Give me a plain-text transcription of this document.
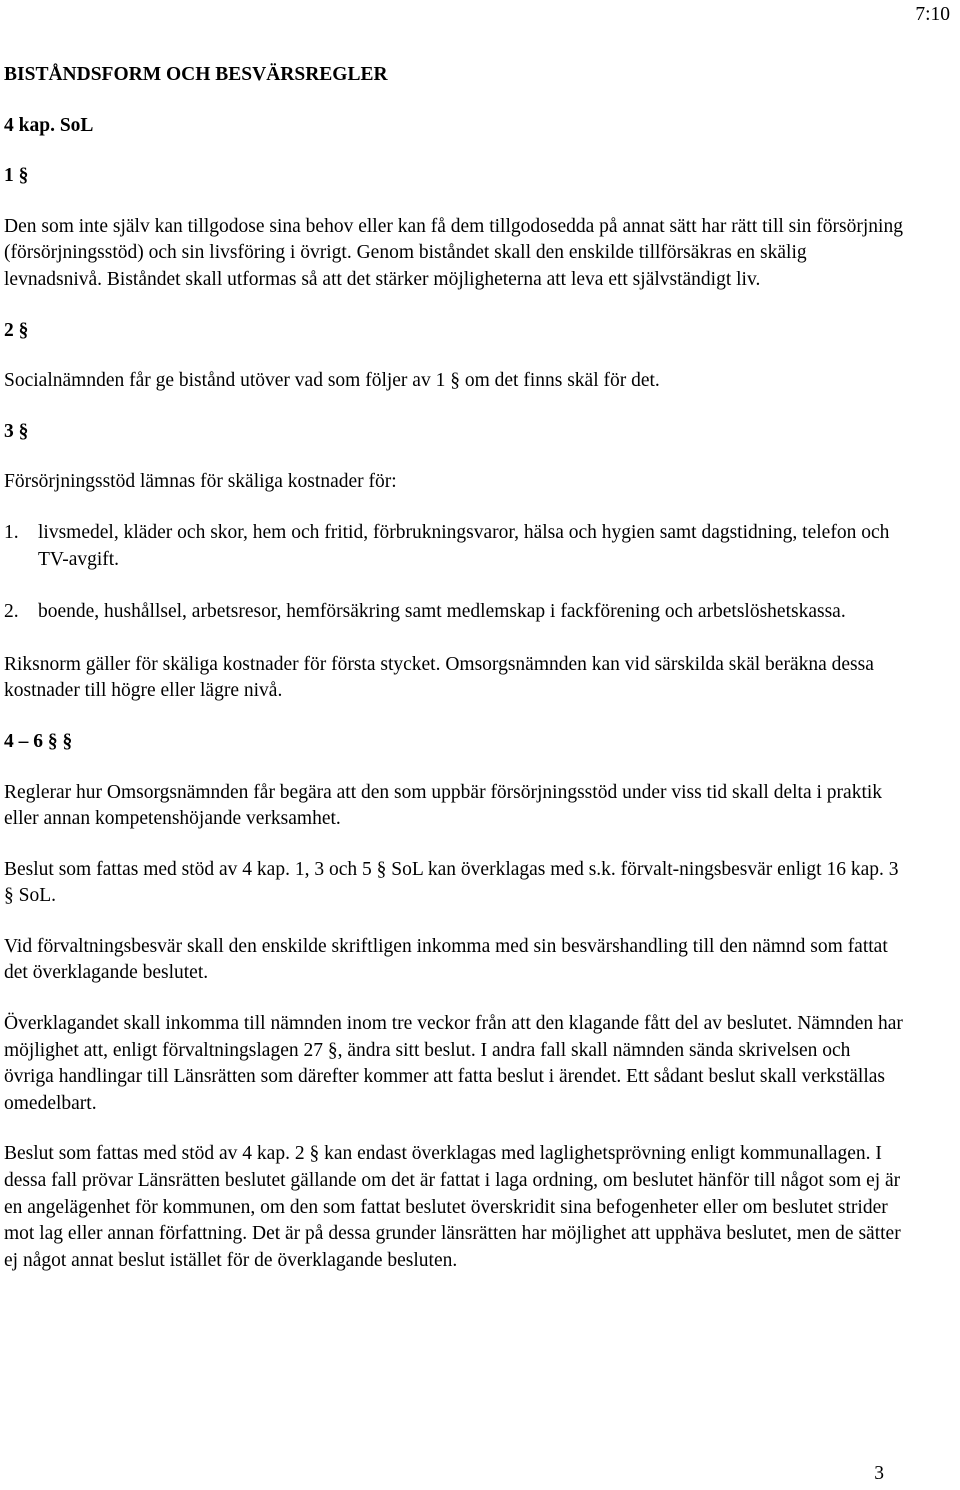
7:10

BISTÅNDSFORM OCH BESVÄRSREGLER

4 kap. SoL

1 §

Den som inte själv kan tillgodose sina behov eller kan få dem tillgodosedda på annat sätt har rätt till sin försörjning (försörjningsstöd) och sin livsföring i övrigt. Genom biståndet skall den enskilde tillförsäkras en skälig levnadsnivå. Biståndet skall utformas så att det stärker möjligheterna att leva ett självständigt liv.

2 §

Socialnämnden får ge bistånd utöver vad som följer av 1 § om det finns skäl för det.

3 §

Försörjningsstöd lämnas för skäliga kostnader för:

1. livsmedel, kläder och skor, hem och fritid, förbrukningsvaror, hälsa och hygien samt dagstidning, telefon och TV-avgift.
2. boende, hushållsel, arbetsresor, hemförsäkring samt medlemskap i fackförening och arbetslöshetskassa.

Riksnorm gäller för skäliga kostnader för första stycket. Omsorgsnämnden kan vid särskilda skäl beräkna dessa kostnader till högre eller lägre nivå.

4 – 6 § §

Reglerar hur Omsorgsnämnden får begära att den som uppbär försörjningsstöd under viss tid skall delta i praktik eller annan kompetenshöjande verksamhet.

Beslut som fattas med stöd av 4 kap. 1, 3 och 5 § SoL kan överklagas med s.k. förvalt-ningsbesvär enligt 16 kap. 3 § SoL.

Vid förvaltningsbesvär skall den enskilde skriftligen inkomma med sin besvärshandling till den nämnd som fattat det överklagande beslutet.

Överklagandet skall inkomma till nämnden inom tre veckor från att den klagande fått del av beslutet. Nämnden har möjlighet att, enligt förvaltningslagen 27 §, ändra sitt beslut. I andra fall skall nämnden sända skrivelsen och övriga handlingar till Länsrätten som därefter kommer att fatta beslut i ärendet. Ett sådant beslut skall verkställas omedelbart.

Beslut som fattas med stöd av 4 kap. 2 § kan endast överklagas med laglighetsprövning enligt kommunallagen. I dessa fall prövar Länsrätten beslutet gällande om det är fattat i laga ordning, om beslutet hänför till något som ej är en angelägenhet för kommunen, om den som fattat beslutet överskridit sina befogenheter eller om beslutet strider mot lag eller annan författning. Det är på dessa grunder länsrätten har möjlighet att upphäva beslutet, men de sätter ej något annat beslut istället för de överklagande besluten.

3
